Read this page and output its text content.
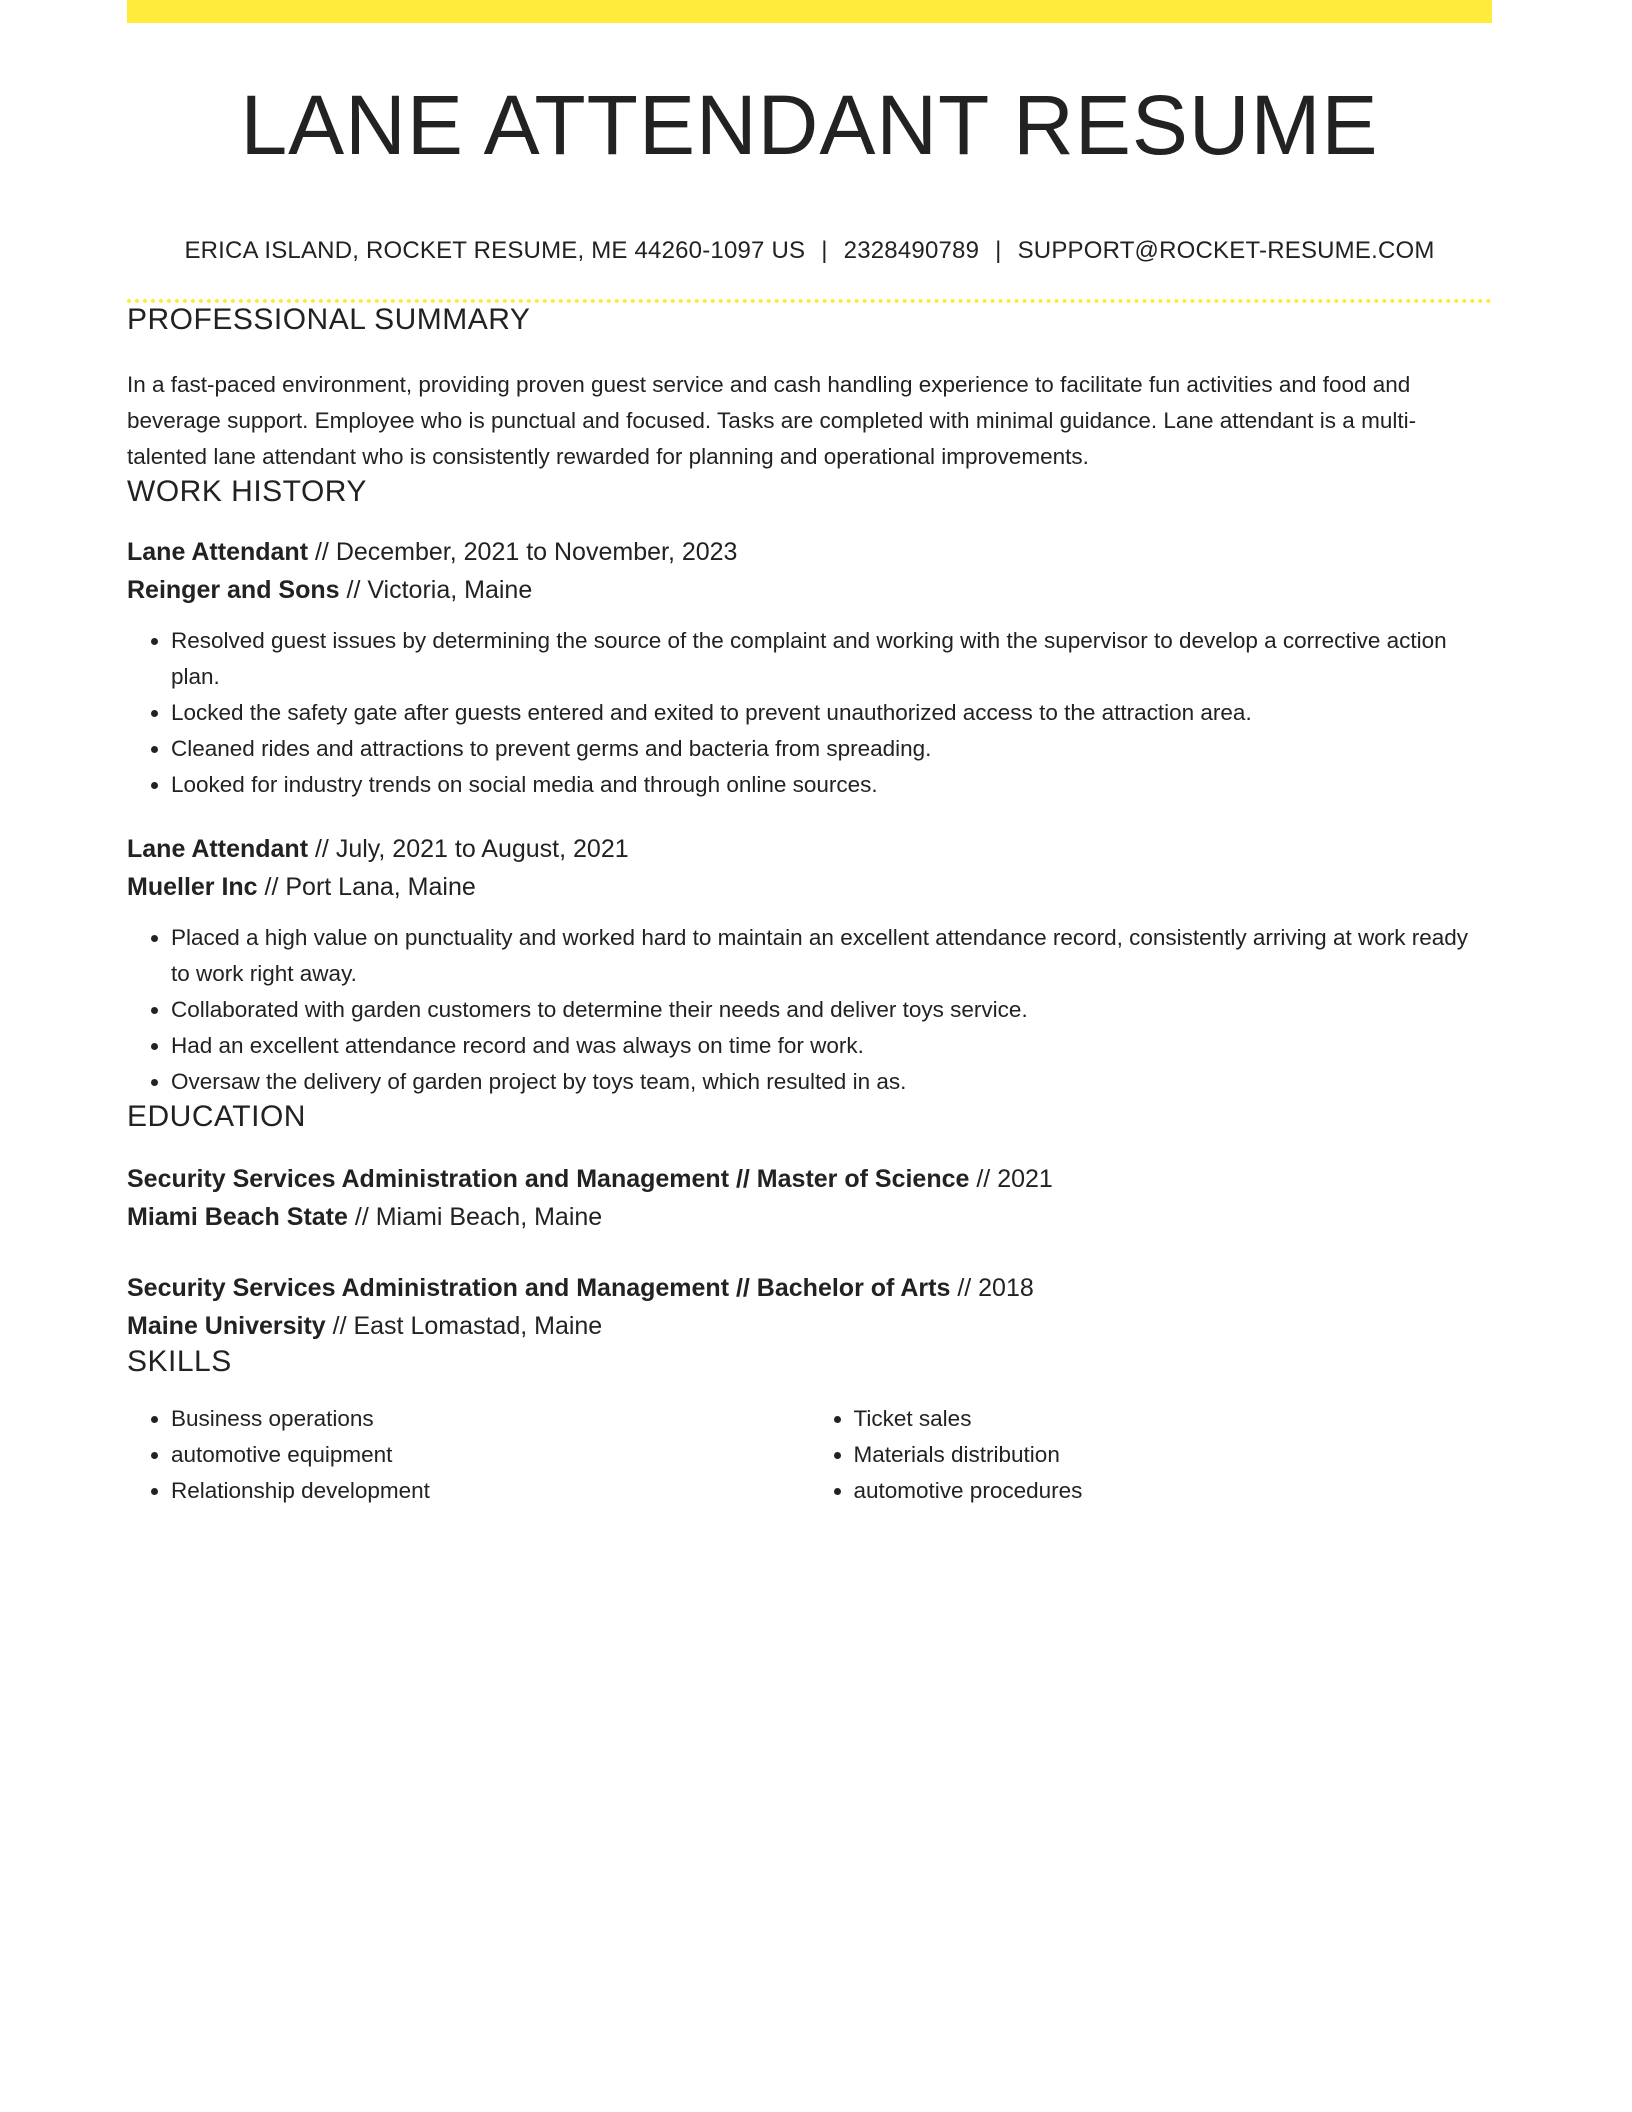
LANE ATTENDANT RESUME
ERICA ISLAND, ROCKET RESUME, ME 44260-1097 US | 2328490789 | SUPPORT@ROCKET-RESUME.COM
PROFESSIONAL SUMMARY
In a fast-paced environment, providing proven guest service and cash handling experience to facilitate fun activities and food and beverage support. Employee who is punctual and focused. Tasks are completed with minimal guidance. Lane attendant is a multi-talented lane attendant who is consistently rewarded for planning and operational improvements.
WORK HISTORY
Lane Attendant // December, 2021 to November, 2023
Reinger and Sons // Victoria, Maine
• Resolved guest issues by determining the source of the complaint and working with the supervisor to develop a corrective action plan.
• Locked the safety gate after guests entered and exited to prevent unauthorized access to the attraction area.
• Cleaned rides and attractions to prevent germs and bacteria from spreading.
• Looked for industry trends on social media and through online sources.
Lane Attendant // July, 2021 to August, 2021
Mueller Inc // Port Lana, Maine
• Placed a high value on punctuality and worked hard to maintain an excellent attendance record, consistently arriving at work ready to work right away.
• Collaborated with garden customers to determine their needs and deliver toys service.
• Had an excellent attendance record and was always on time for work.
• Oversaw the delivery of garden project by toys team, which resulted in as.
EDUCATION
Security Services Administration and Management // Master of Science // 2021
Miami Beach State // Miami Beach, Maine
Security Services Administration and Management // Bachelor of Arts // 2018
Maine University // East Lomastad, Maine
SKILLS
• Business operations
• automotive equipment
• Relationship development
• Ticket sales
• Materials distribution
• automotive procedures
